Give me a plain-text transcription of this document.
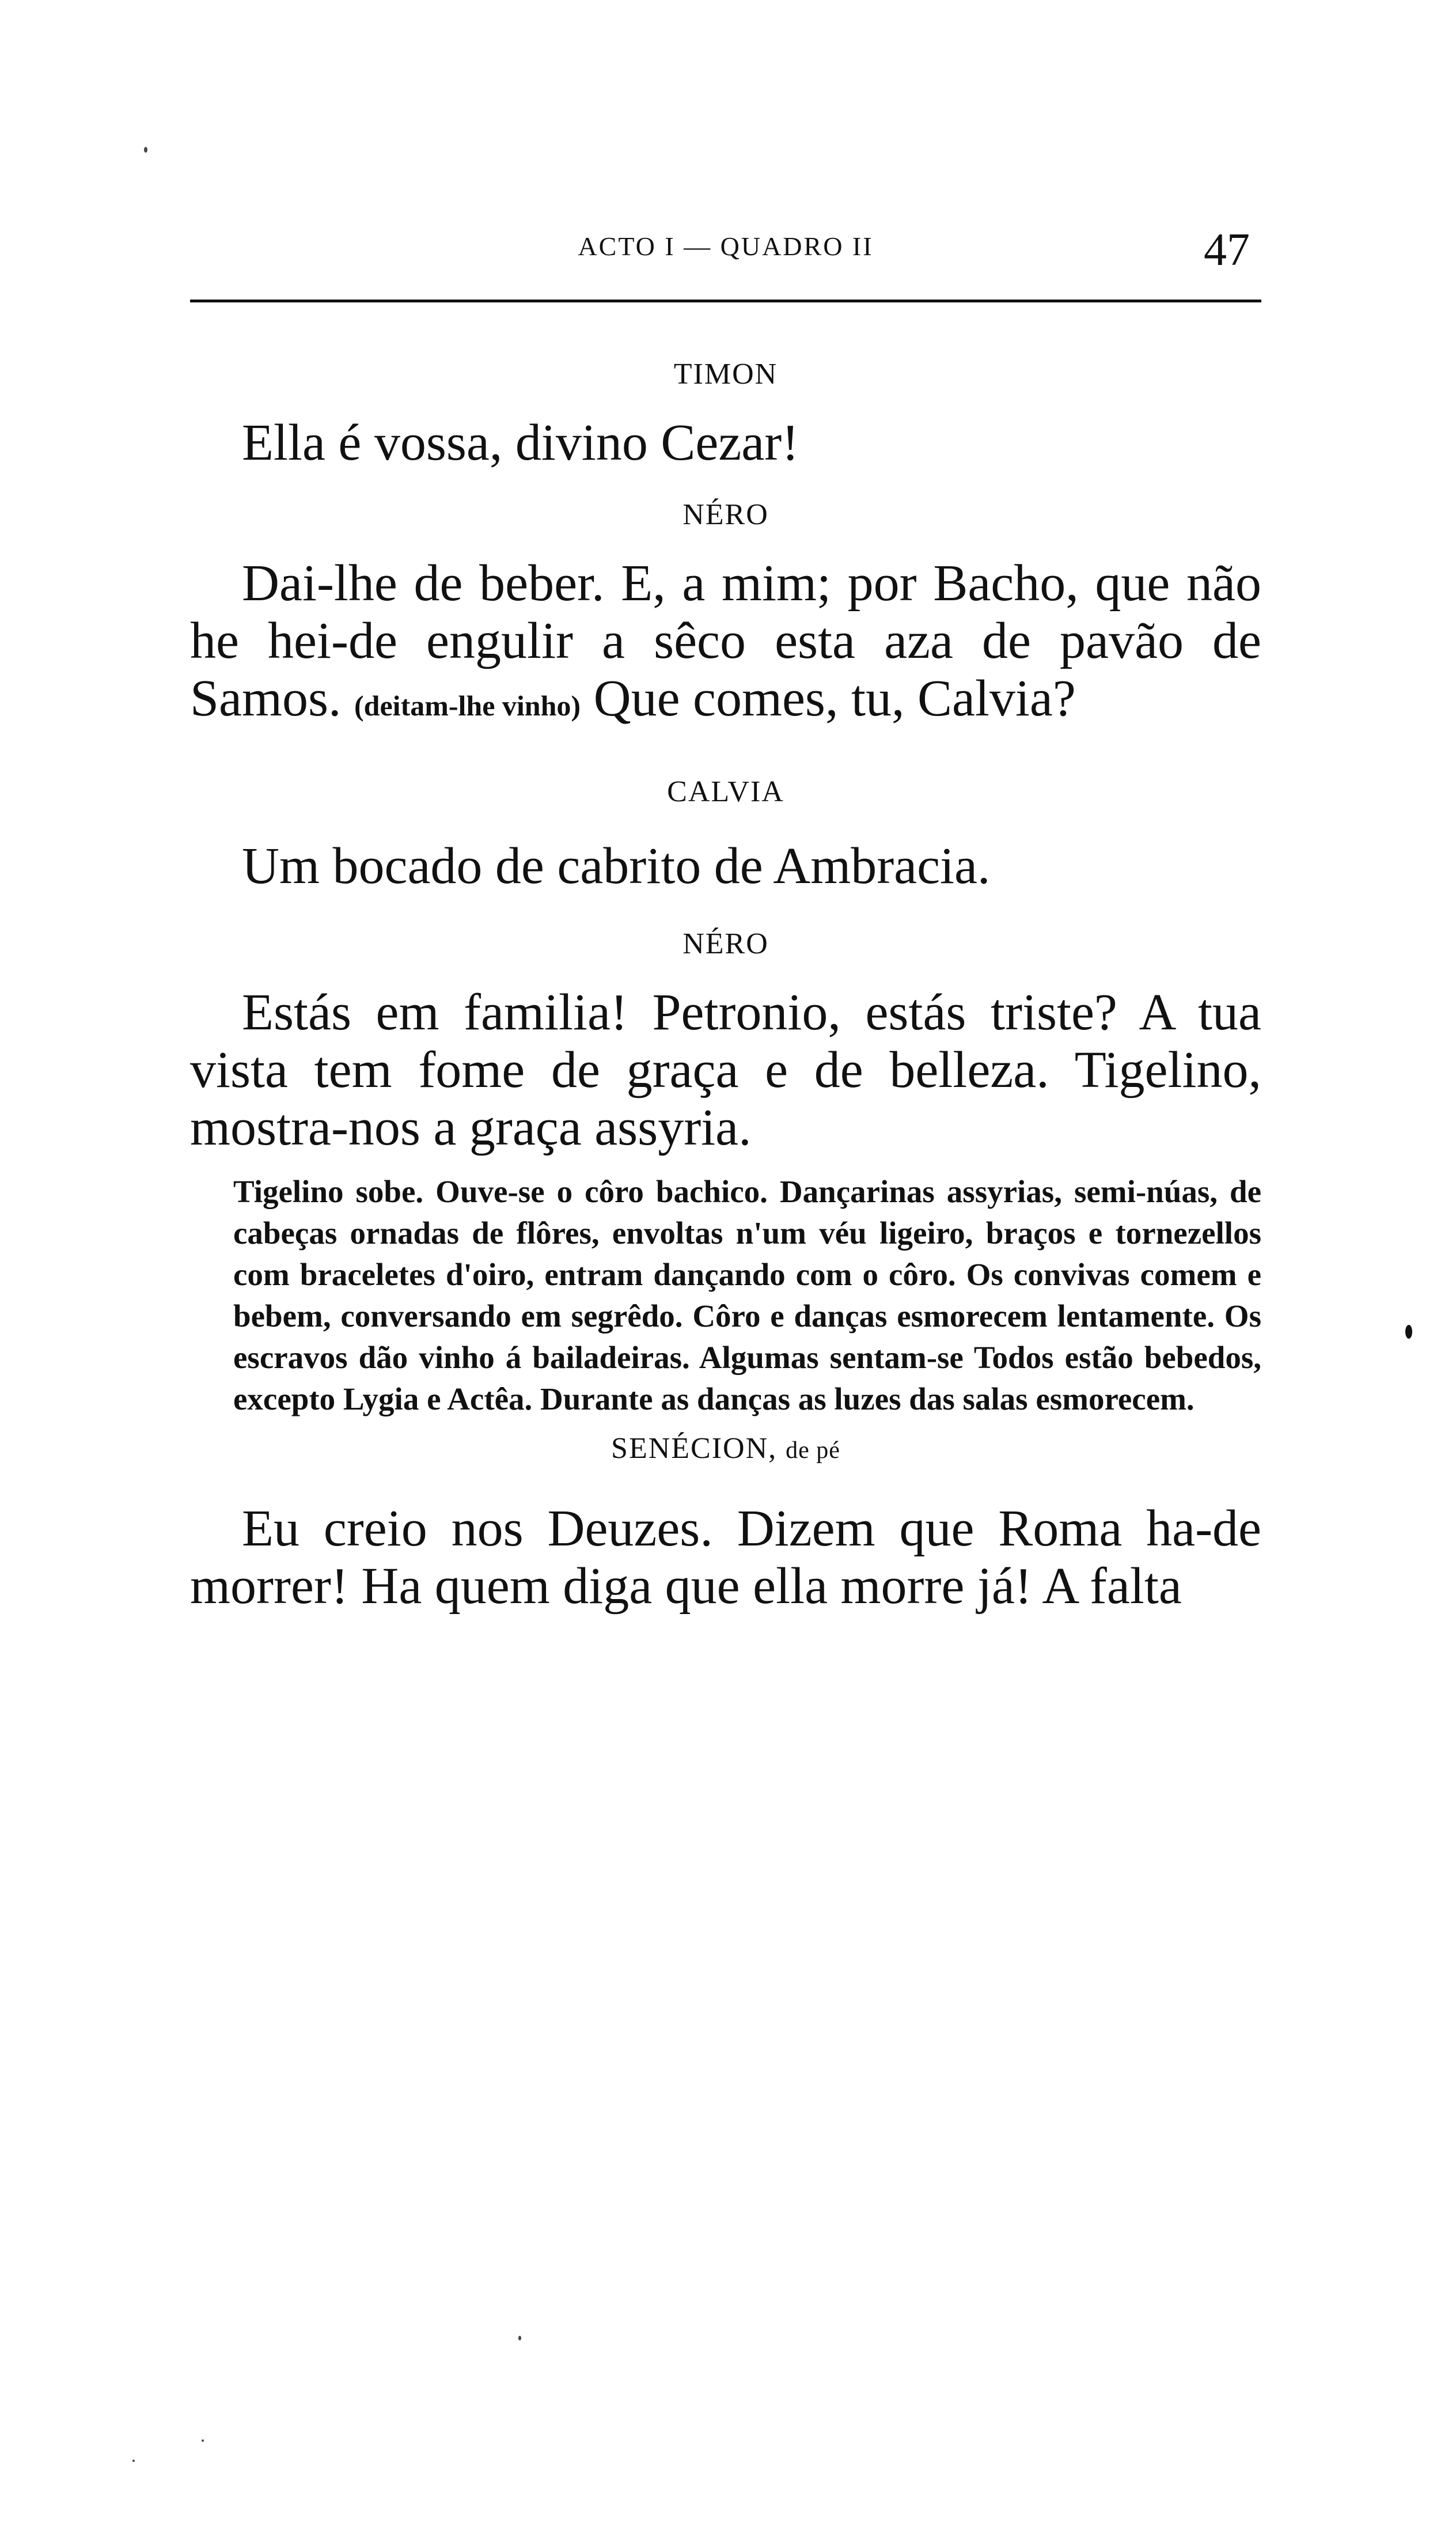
ACTO I — QUADRO II	47

TIMON

Ella é vossa, divino Cezar!

NÉRO

Dai-lhe de beber. E, a mim; por Bacho, que não he hei-de engulir a sêco esta aza de pavão de Samos. (deitam-lhe vinho) Que comes, tu, Calvia?

CALVIA

Um bocado de cabrito de Ambracia.

NÉRO

Estás em familia! Petronio, estás triste? A tua vista tem fome de graça e de belleza. Tigelino, mostra-nos a graça assyria.

Tigelino sobe. Ouve-se o côro bachico. Dançarinas assyrias, semi-núas, de cabeças ornadas de flôres, envoltas n'um véu ligeiro, braços e tornezellos com braceletes d'oiro, entram dançando com o côro. Os convivas comem e bebem, conversando em segrêdo. Côro e danças esmorecem lentamente. Os escravos dão vinho á bailadeiras. Algumas sentam-se Todos estão bebedos, excepto Lygia e Actêa. Durante as danças as luzes das salas esmorecem.

SENÉCION, de pé

Eu creio nos Deuzes. Dizem que Roma ha-de morrer! Ha quem diga que ella morre já! A falta
